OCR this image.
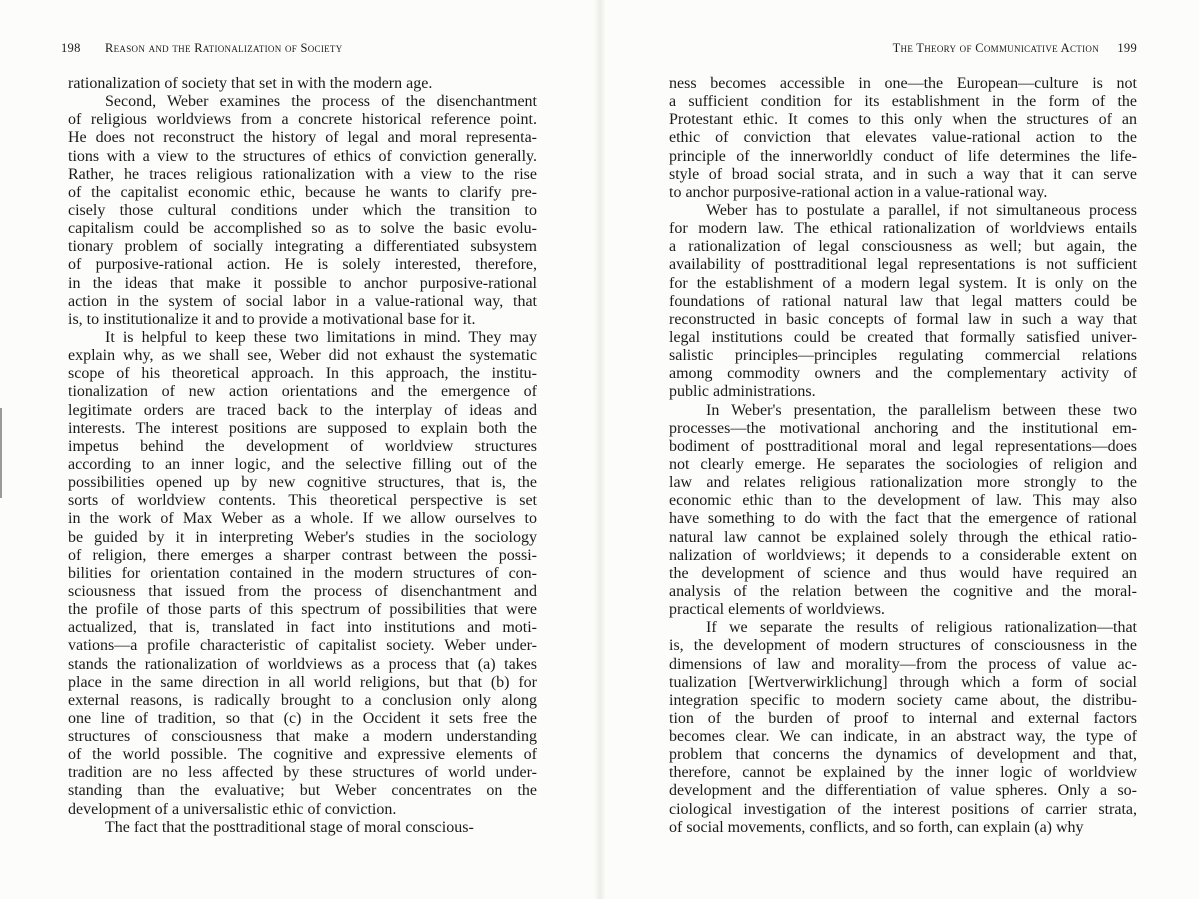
198 Reason and the Rationalization of Society
rationalization of society that set in with the modern age.
Second, Weber examines the process of the disenchantment
of religious worldviews from a concrete historical reference point.
He does not reconstruct the history of legal and moral representa-
tions with a view to the structures of ethics of conviction generally.
Rather, he traces religious rationalization with a view to the rise
of the capitalist economic ethic, because he wants to clarify pre-
cisely those cultural conditions under which the transition to
capitalism could be accomplished so as to solve the basic evolu-
tionary problem of socially integrating a differentiated subsystem
of purposive-rational action. He is solely interested, therefore,
in the ideas that make it possible to anchor purposive-rational
action in the system of social labor in a value-rational way, that
is, to institutionalize it and to provide a motivational base for it.
It is helpful to keep these two limitations in mind. They may
explain why, as we shall see, Weber did not exhaust the systematic
scope of his theoretical approach. In this approach, the institu-
tionalization of new action orientations and the emergence of
legitimate orders are traced back to the interplay of ideas and
interests. The interest positions are supposed to explain both the
impetus behind the development of worldview structures
according to an inner logic, and the selective filling out of the
possibilities opened up by new cognitive structures, that is, the
sorts of worldview contents. This theoretical perspective is set
in the work of Max Weber as a whole. If we allow ourselves to
be guided by it in interpreting Weber's studies in the sociology
of religion, there emerges a sharper contrast between the possi-
bilities for orientation contained in the modern structures of con-
sciousness that issued from the process of disenchantment and
the profile of those parts of this spectrum of possibilities that were
actualized, that is, translated in fact into institutions and moti-
vations—a profile characteristic of capitalist society. Weber under-
stands the rationalization of worldviews as a process that (a) takes
place in the same direction in all world religions, but that (b) for
external reasons, is radically brought to a conclusion only along
one line of tradition, so that (c) in the Occident it sets free the
structures of consciousness that make a modern understanding
of the world possible. The cognitive and expressive elements of
tradition are no less affected by these structures of world under-
standing than the evaluative; but Weber concentrates on the
development of a universalistic ethic of conviction.
The fact that the posttraditional stage of moral conscious-
The Theory of Communicative Action 199
ness becomes accessible in one—the European—culture is not
a sufficient condition for its establishment in the form of the
Protestant ethic. It comes to this only when the structures of an
ethic of conviction that elevates value-rational action to the
principle of the innerworldly conduct of life determines the life-
style of broad social strata, and in such a way that it can serve
to anchor purposive-rational action in a value-rational way.
Weber has to postulate a parallel, if not simultaneous process
for modern law. The ethical rationalization of worldviews entails
a rationalization of legal consciousness as well; but again, the
availability of posttraditional legal representations is not sufficient
for the establishment of a modern legal system. It is only on the
foundations of rational natural law that legal matters could be
reconstructed in basic concepts of formal law in such a way that
legal institutions could be created that formally satisfied univer-
salistic principles—principles regulating commercial relations
among commodity owners and the complementary activity of
public administrations.
In Weber's presentation, the parallelism between these two
processes—the motivational anchoring and the institutional em-
bodiment of posttraditional moral and legal representations—does
not clearly emerge. He separates the sociologies of religion and
law and relates religious rationalization more strongly to the
economic ethic than to the development of law. This may also
have something to do with the fact that the emergence of rational
natural law cannot be explained solely through the ethical ratio-
nalization of worldviews; it depends to a considerable extent on
the development of science and thus would have required an
analysis of the relation between the cognitive and the moral-
practical elements of worldviews.
If we separate the results of religious rationalization—that
is, the development of modern structures of consciousness in the
dimensions of law and morality—from the process of value ac-
tualization [Wertverwirklichung] through which a form of social
integration specific to modern society came about, the distribu-
tion of the burden of proof to internal and external factors
becomes clear. We can indicate, in an abstract way, the type of
problem that concerns the dynamics of development and that,
therefore, cannot be explained by the inner logic of worldview
development and the differentiation of value spheres. Only a so-
ciological investigation of the interest positions of carrier strata,
of social movements, conflicts, and so forth, can explain (a) why
